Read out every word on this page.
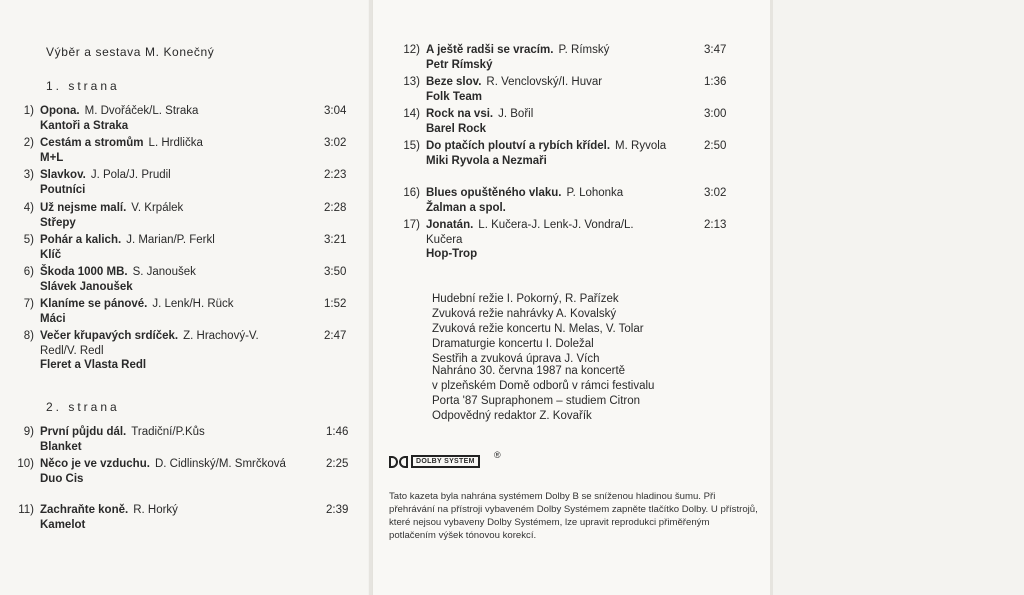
Výběr a sestava M. Konečný
1. strana
2. strana
1) Opona. M. Dvořáček/L. Straka
Kantoři a Straka
3:04
2) Cestám a stromům L. Hrdlička
M+L
3:02
3) Slavkov. J. Pola/J. Prudil
Poutníci
2:23
4) Už nejsme malí. V. Krpálek
Střepy
2:28
5) Pohár a kalich. J. Marian/P. Ferkl
Klíč
3:21
6) Škoda 1000 MB. S. Janoušek
Slávek Janoušek
3:50
7) Klaníme se pánové. J. Lenk/H. Rück
Máci
1:52
8) Večer křupavých srdíček. Z. Hrachový-V. Redl/V. Redl
Fleret a Vlasta Redl
2:47
9) První půjdu dál. Tradiční/P.Kůs
Blanket
1:46
10) Něco je ve vzduchu. D. Cidlinský/M. Smrčková
Duo Cis
2:25
11) Zachraňte koně. R. Horký
Kamelot
2:39
12) A ještě radši se vracím. P. Rímský
Petr Rímský
3:47
13) Beze slov. R. Venclovský/I. Huvar
Folk Team
1:36
14) Rock na vsi. J. Bořil
Barel Rock
3:00
15) Do ptačích ploutví a rybích křídel. M. Ryvola
Miki Ryvola a Nezmaři
2:50
16) Blues opuštěného vlaku. P. Lohonka
Žalman a spol.
3:02
17) Jonatán. L. Kučera-J. Lenk-J. Vondra/L. Kučera
Hop-Trop
2:13
Hudební režie I. Pokorný, R. Pařízek
Zvuková režie nahrávky A. Kovalský
Zvuková režie koncertu N. Melas, V. Tolar
Dramaturgie koncertu I. Doležal
Sestřih a zvuková úprava J. Vích
Nahráno 30. června 1987 na koncertě
v plzeňském Domě odborů v rámci festivalu
Porta '87 Supraphonem – studiem Citron
Odpovědný redaktor Z. Kovařík
DOLBY SYSTEM
®
Tato kazeta byla nahrána systémem Dolby B se sníženou hladinou šumu. Při přehrávání na přístroji vybaveném Dolby Systémem zapněte tlačítko Dolby. U přístrojů, které nejsou vybaveny Dolby Systémem, lze upravit reprodukci přiměřeným potlačením výšek tónovou korekcí.
